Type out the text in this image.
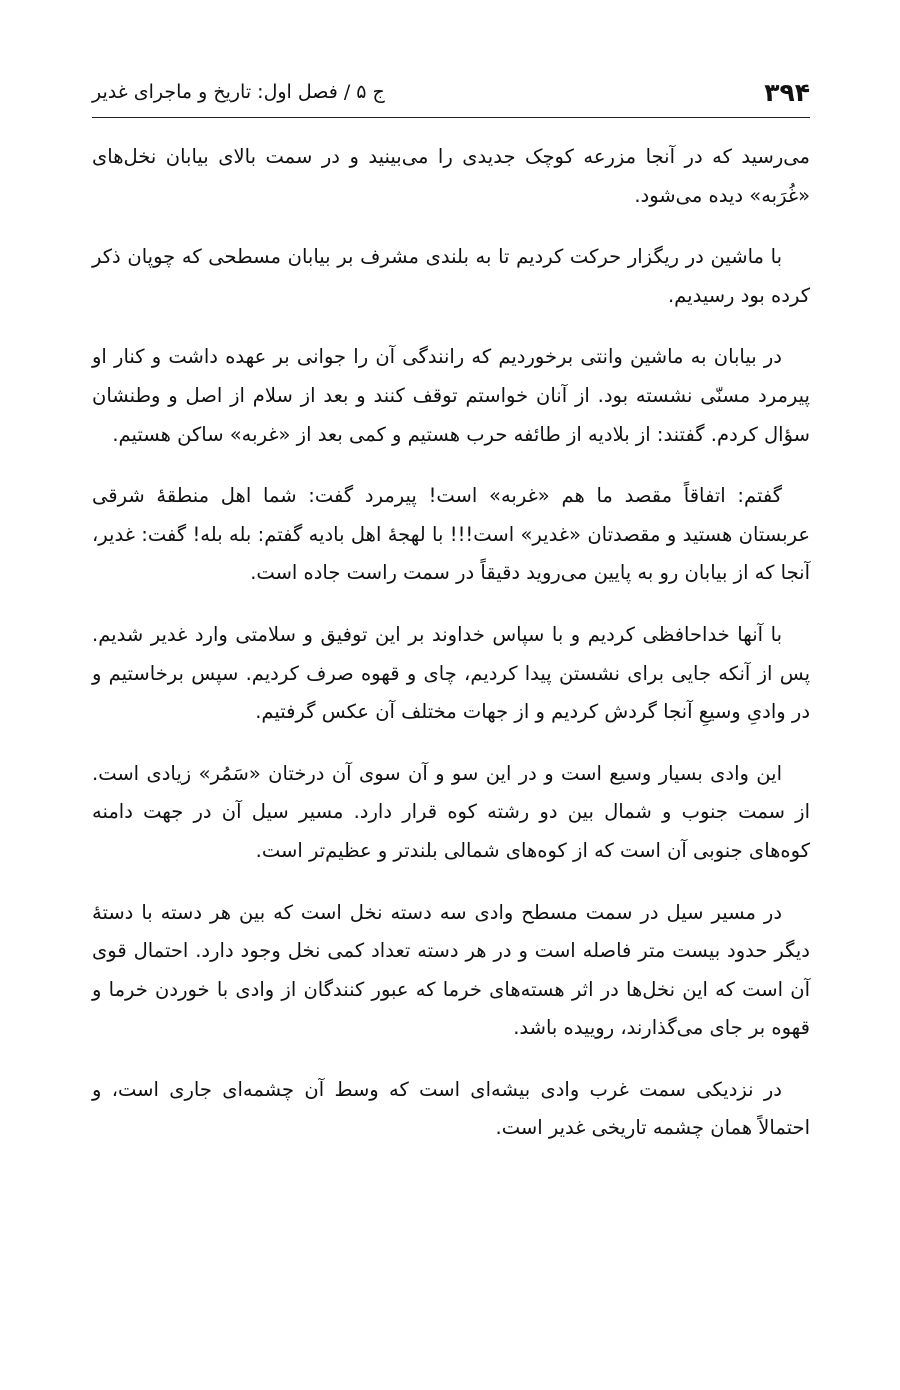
۳۹۴
ج ۵ / فصل اول: تاریخ و ماجرای غدیر

می‌رسید که در آنجا مزرعه کوچک جدیدی را می‌بینید و در سمت بالای بیابان نخل‌های «غُرَبه» دیده می‌شود.

با ماشین در ریگزار حرکت کردیم تا به بلندی مشرف بر بیابان مسطحی که چوپان ذکر کرده بود رسیدیم.

در بیابان به ماشین وانتی برخوردیم که رانندگی آن را جوانی بر عهده داشت و کنار او پیرمرد مسنّی نشسته بود. از آنان خواستم توقف کنند و بعد از سلام از اصل و وطنشان سؤال کردم. گفتند: از بلادیه از طائفه حرب هستیم و کمی بعد از «غربه» ساکن هستیم.

گفتم: اتفاقاً مقصد ما هم «غربه» است! پیرمرد گفت: شما اهل منطقهٔ شرقی عربستان هستید و مقصدتان «غدیر» است!!! با لهجهٔ اهل بادیه گفتم: بله بله! گفت: غدیر، آنجا که از بیابان رو به پایین می‌روید دقیقاً در سمت راست جاده است.

با آنها خداحافظی کردیم و با سپاس خداوند بر این توفیق و سلامتی وارد غدیر شدیم. پس از آنکه جایی برای نشستن پیدا کردیم، چای و قهوه صرف کردیم. سپس برخاستیم و در وادیِ وسیعِ آنجا گردش کردیم و از جهات مختلف آن عکس گرفتیم.

این وادی بسیار وسیع است و در این سو و آن سوی آن درختان «سَمُر» زیادی است. از سمت جنوب و شمال بین دو رشته کوه قرار دارد. مسیر سیل آن در جهت دامنه کوه‌های جنوبی آن است که از کوه‌های شمالی بلندتر و عظیم‌تر است.

در مسیر سیل در سمت مسطح وادی سه دسته نخل است که بین هر دسته با دستهٔ دیگر حدود بیست متر فاصله است و در هر دسته تعداد کمی نخل وجود دارد. احتمال قوی آن است که این نخل‌ها در اثر هسته‌های خرما که عبور کنندگان از وادی با خوردن خرما و قهوه بر جای می‌گذارند، روییده باشد.

در نزدیکی سمت غرب وادی بیشه‌ای است که وسط آن چشمه‌ای جاری است، و احتمالاً همان چشمه تاریخی غدیر است.
